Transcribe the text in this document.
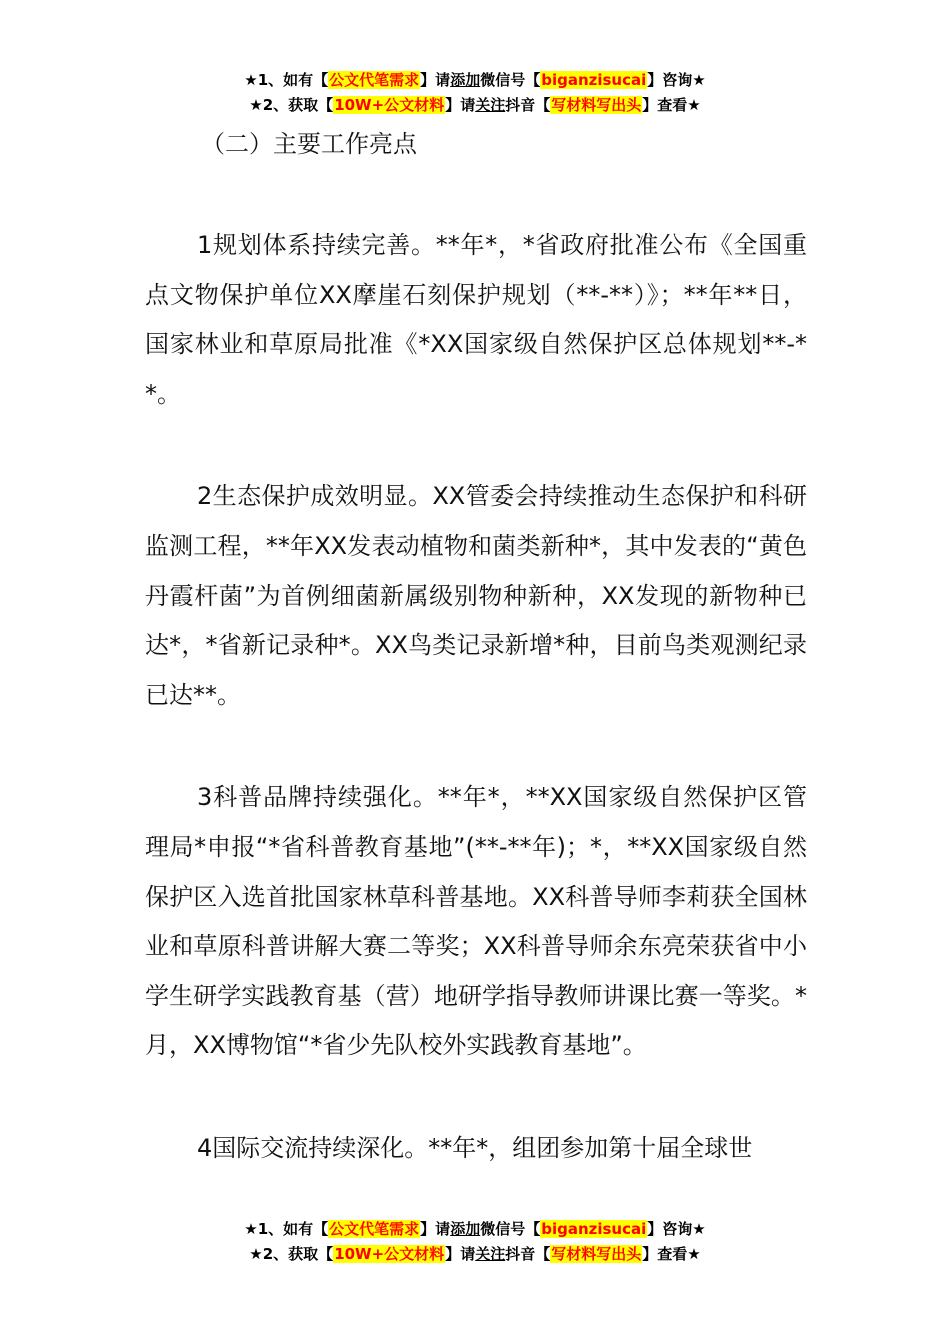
★1、如有【公文代笔需求】请添加微信号【biganzisucai】咨询★
★2、获取【10W+公文材料】请关注抖音【写材料写出头】查看★
（二）主要工作亮点

1规划体系持续完善。**年*，*省政府批准公布《全国重点文物保护单位XX摩崖石刻保护规划（**-**）》；**年**日，国家林业和草原局批准《*XX国家级自然保护区总体规划**-**。

2生态保护成效明显。XX管委会持续推动生态保护和科研监测工程，**年XX发表动植物和菌类新种*，其中发表的“黄色丹霞杆菌”为首例细菌新属级别物种新种，XX发现的新物种已达*，*省新记录种*。XX鸟类记录新增*种，目前鸟类观测纪录已达**。

3科普品牌持续强化。**年*，**XX国家级自然保护区管理局*申报“*省科普教育基地”(**-**年)；*，**XX国家级自然保护区入选首批国家林草科普基地。XX科普导师李莉获全国林业和草原科普讲解大赛二等奖；XX科普导师余东亮荣获省中小学生研学实践教育基（营）地研学指导教师讲课比赛一等奖。*月，XX博物馆“*省少先队校外实践教育基地”。

4国际交流持续深化。**年*，组团参加第十届全球世

★1、如有【公文代笔需求】请添加微信号【biganzisucai】咨询★
★2、获取【10W+公文材料】请关注抖音【写材料写出头】查看★
